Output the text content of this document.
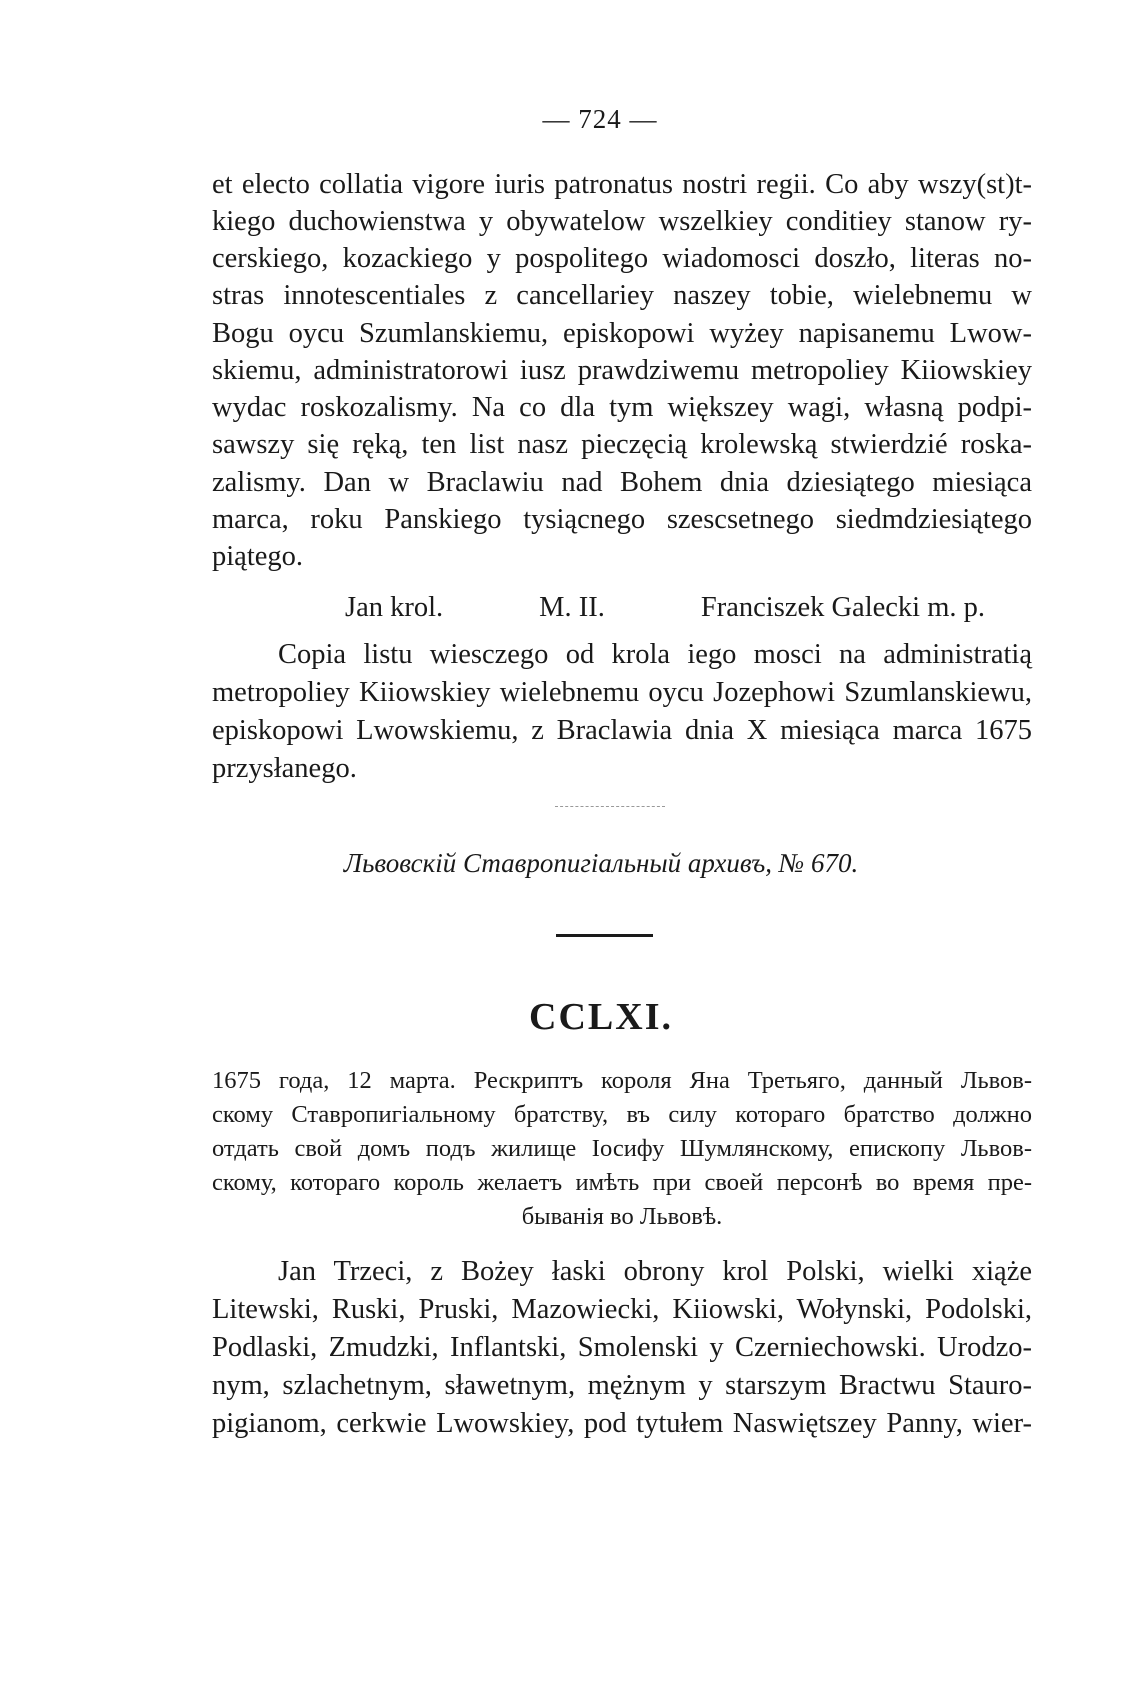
— 724 —
et electo collatia vigore iuris patronatus nostri regii. Co aby wszy(st)t-
kiego duchowienstwa y obywatelow wszelkiey conditiey stanow ry-
cerskiego, kozackiego y pospolitego wiadomosci doszło, literas no-
stras innotescentiales z cancellariey naszey tobie, wielebnemu w
Bogu oycu Szumlanskiemu, episkopowi wyżey napisanemu Lwow-
skiemu, administratorowi iusz prawdziwemu metropoliey Kiiowskiey
wydac roskozalismy. Na co dla tym większey wagi, własną podpi-
sawszy się ręką, ten list nasz pieczęcią krolewską stwierdzié roska-
zalismy. Dan w Braclawiu nad Bohem dnia dziesiątego miesiąca
marca, roku Panskiego tysiącnego szescsetnego siedmdziesiątego
piątego.
Jan krol.	M. II.	Franciszek Galecki m. p.
Copia listu wiesczego od krola iego mosci na administratią
metropoliey Kiiowskiey wielebnemu oycu Jozephowi Szumlanskiewu,
episkopowi Lwowskiemu, z Braclawia dnia X miesiąca marca 1675
przysłanego.
Львовскій Ставропигіальный архивъ, № 670.
CCLXI.
1675 года, 12 марта. Рескриптъ короля Яна Третьяго, данный Львов-
скому Ставропигіальному братству, въ силу котораго братство должно
отдать свой домъ подъ жилище Іосифу Шумлянскому, епископу Львов-
скому, котораго король желаетъ имѣть при своей персонѣ во время пре-
быванія во Львовѣ.
Jan Trzeci, z Bożey łaski obrony krol Polski, wielki xiąże
Litewski, Ruski, Pruski, Mazowiecki, Kiiowski, Wołynski, Podolski,
Podlaski, Zmudzki, Inflantski, Smolenski y Czerniechowski. Urodzo-
nym, szlachetnym, sławetnym, mężnym y starszym Bractwu Stauro-
pigianom, cerkwie Lwowskiey, pod tytułem Naswiętszey Panny, wier-
